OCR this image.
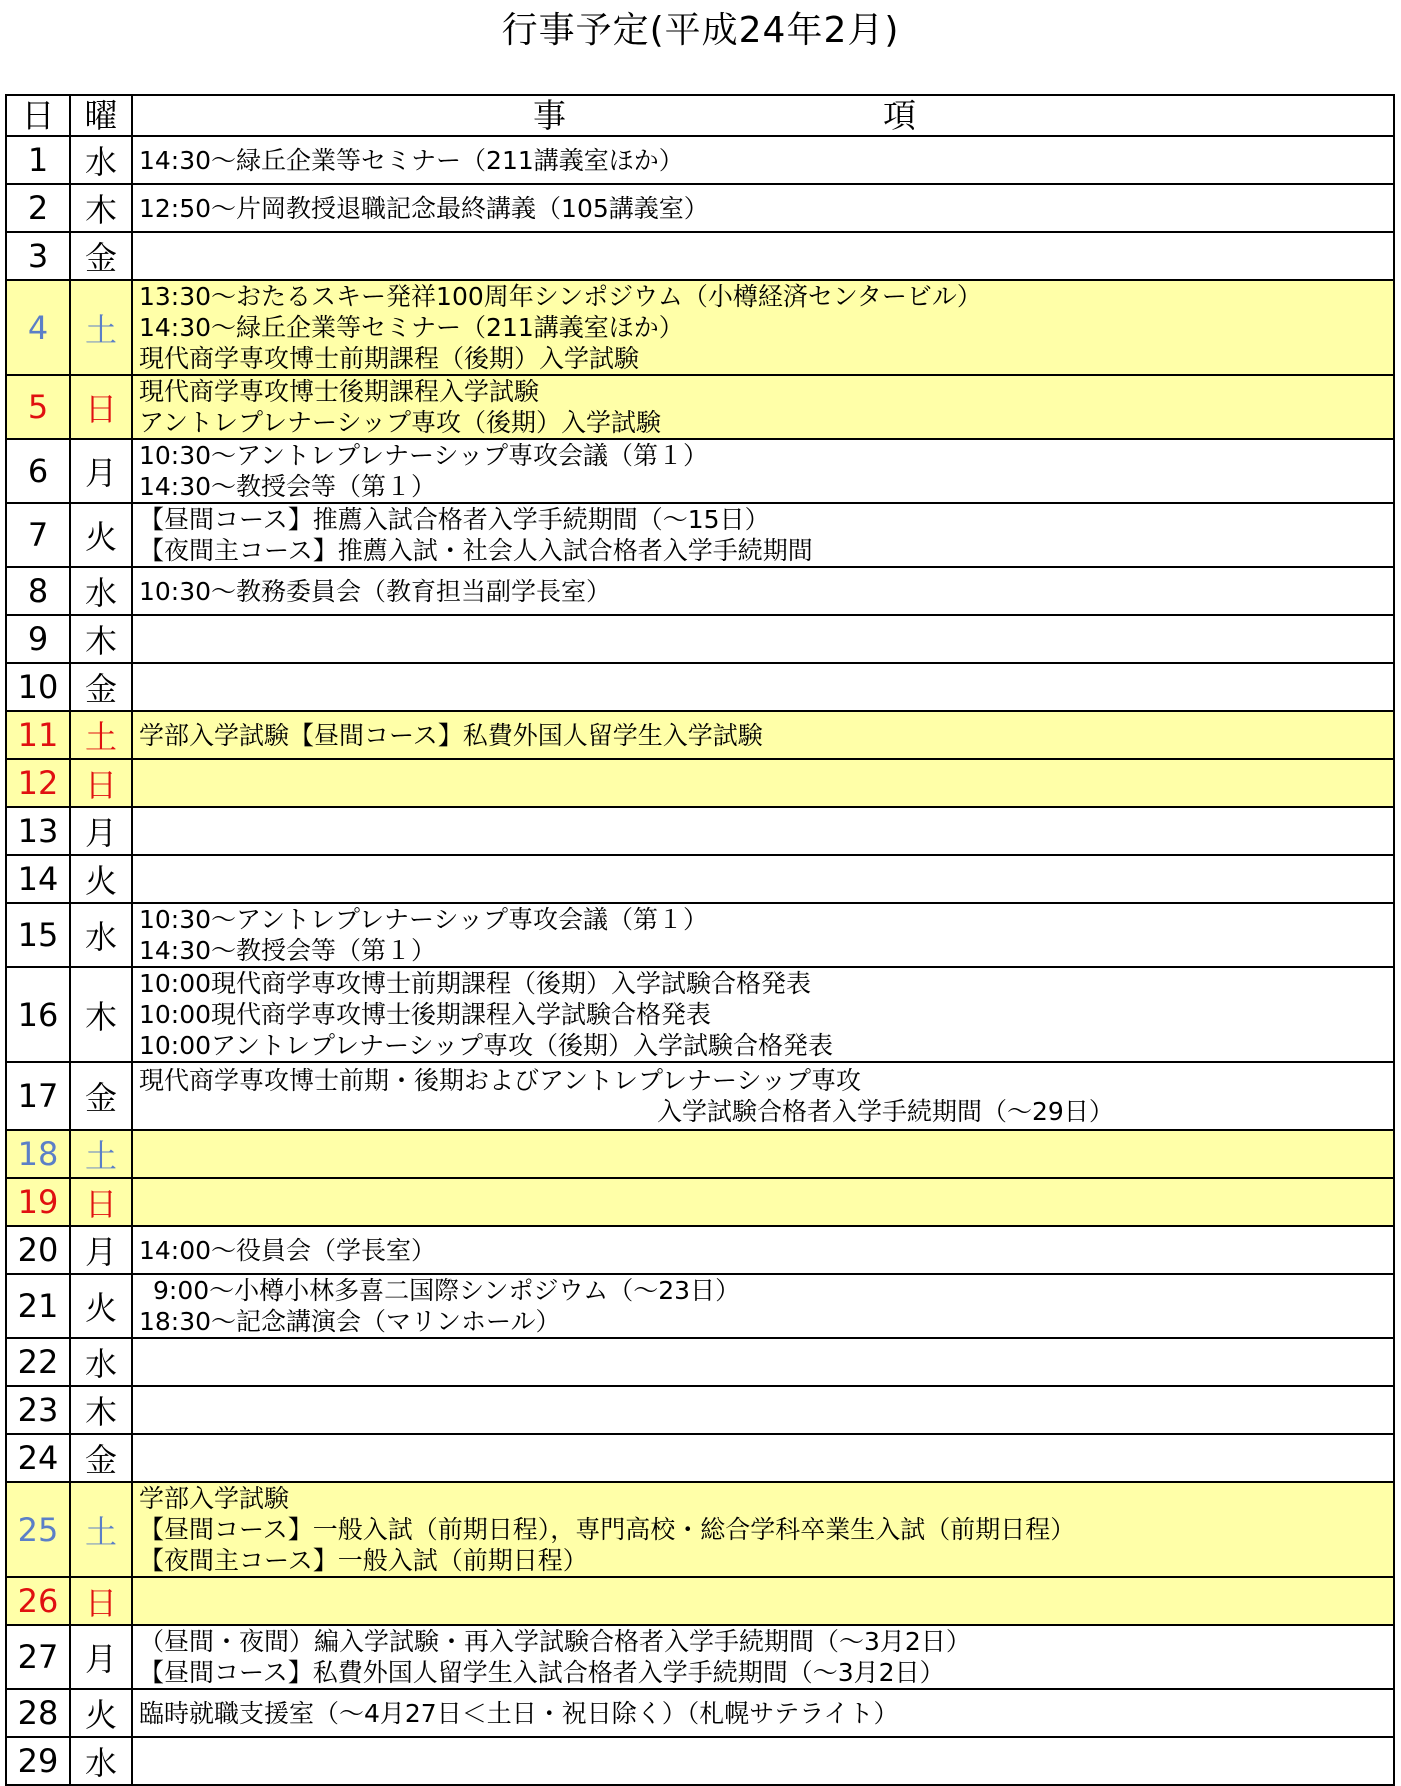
行事予定(平成24年2月)
日	曜	事 項

1	水	14:30～緑丘企業等セミナー（211講義室ほか）

2	木	12:50～片岡教授退職記念最終講義（105講義室）

3	金	
4	土	13:30～おたるスキー発祥100周年シンポジウム（小樽経済センタービル）
14:30～緑丘企業等セミナー（211講義室ほか）
現代商学専攻博士前期課程（後期）入学試験

5	日	現代商学専攻博士後期課程入学試験
アントレプレナーシップ専攻（後期）入学試験

6	月	10:30～アントレプレナーシップ専攻会議（第１）
14:30～教授会等（第１）

7	火	【昼間コース】推薦入試合格者入学手続期間（～15日）
【夜間主コース】推薦入試・社会人入試合格者入学手続期間

8	水	10:30～教務委員会（教育担当副学長室）

9	木	
10	金	
11	土	学部入学試験【昼間コース】私費外国人留学生入学試験

12	日	
13	月	
14	火	
15	水	10:30～アントレプレナーシップ専攻会議（第１）
14:30～教授会等（第１）

16	木	10:00現代商学専攻博士前期課程（後期）入学試験合格発表
10:00現代商学専攻博士後期課程入学試験合格発表
10:00アントレプレナーシップ専攻（後期）入学試験合格発表

17	金	現代商学専攻博士前期・後期およびアントレプレナーシップ専攻
入学試験合格者入学手続期間（～29日）

18	土	
19	日	
20	月	14:00～役員会（学長室）

21	火	9:00～小樽小林多喜二国際シンポジウム（～23日）
18:30～記念講演会（マリンホール）

22	水	
23	木	
24	金	
25	土	学部入学試験
【昼間コース】一般入試（前期日程），専門高校・総合学科卒業生入試（前期日程）
【夜間主コース】一般入試（前期日程）

26	日	
27	月	（昼間・夜間）編入学試験・再入学試験合格者入学手続期間（～3月2日）
【昼間コース】私費外国人留学生入試合格者入学手続期間（～3月2日）

28	火	臨時就職支援室（～4月27日＜土日・祝日除く）（札幌サテライト）

29	水	
